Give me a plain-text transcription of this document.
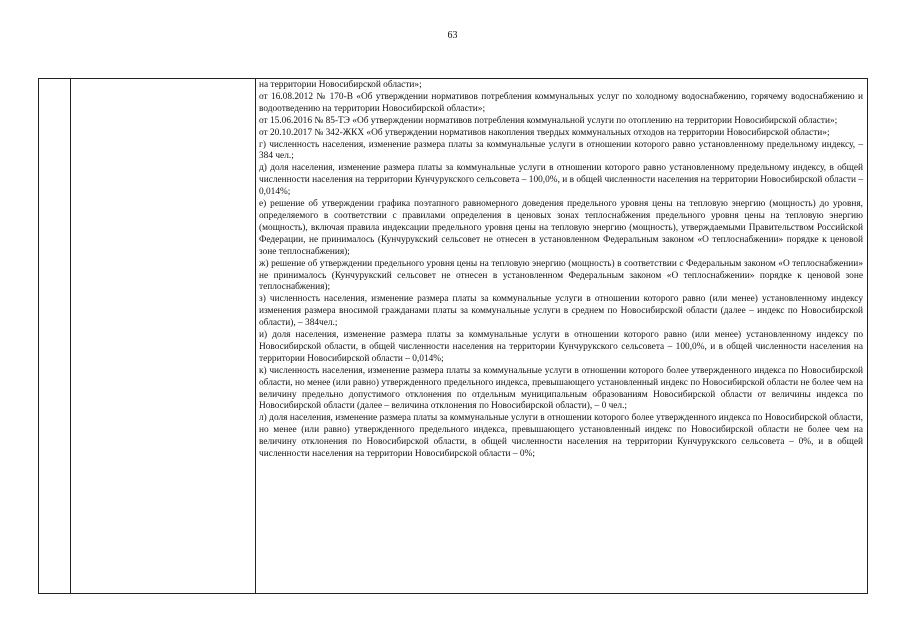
63

на территории Новосибирской области»;

от 16.08.2012 № 170-В «Об утверждении нормативов потребления коммунальных услуг по холодному водоснабжению, горячему водоснабжению и водоотведению на территории Новосибирской области»;

от 15.06.2016 № 85-ТЭ «Об утверждении нормативов потребления коммунальной услуги по отоплению на территории Новосибирской области»;

от 20.10.2017 № 342-ЖКХ «Об утверждении нормативов накопления твердых коммунальных отходов на территории Новосибирской области»;

г) численность населения, изменение размера платы за коммунальные услуги в отношении которого равно установленному предельному индексу, – 384 чел.;

д) доля населения, изменение размера платы за коммунальные услуги в отношении которого равно установленному предельному индексу, в общей численности населения на территории Кунчурукского сельсовета – 100,0%, и в общей численности населения на территории Новосибирской области – 0,014%;

е) решение об утверждении графика поэтапного равномерного доведения предельного уровня цены на тепловую энергию (мощность) до уровня, определяемого в соответствии с правилами определения в ценовых зонах теплоснабжения предельного уровня цены на тепловую энергию (мощность), включая правила индексации предельного уровня цены на тепловую энергию (мощность), утверждаемыми Правительством Российской Федерации, не принималось (Кунчурукский сельсовет не отнесен в установленном Федеральным законом «О теплоснабжении» порядке к ценовой зоне теплоснабжения);

ж) решение об утверждении предельного уровня цены на тепловую энергию (мощность) в соответствии с Федеральным законом «О теплоснабжении» не принималось (Кунчурукский сельсовет не отнесен в установленном Федеральным законом «О теплоснабжении» порядке к ценовой зоне теплоснабжения);

з) численность населения, изменение размера платы за коммунальные услуги в отношении которого равно (или менее) установленному индексу изменения размера вносимой гражданами платы за коммунальные услуги в среднем по Новосибирской области (далее – индекс по Новосибирской области), – 384чел.;

и) доля населения, изменение размера платы за коммунальные услуги в отношении которого равно (или менее) установленному индексу по Новосибирской области, в общей численности населения на территории Кунчурукского сельсовета – 100,0%, и в общей численности населения на территории Новосибирской области – 0,014%;

к) численность населения, изменение размера платы за коммунальные услуги в отношении которого более утвержденного индекса по Новосибирской области, но менее (или равно) утвержденного предельного индекса, превышающего установленный индекс по Новосибирской области не более чем на величину предельно допустимого отклонения по отдельным муниципальным образованиям Новосибирской области от величины индекса по Новосибирской области (далее – величина отклонения по Новосибирской области), – 0 чел.;

л) доля населения, изменение размера платы за коммунальные услуги в отношении которого более утвержденного индекса по Новосибирской области, но менее (или равно) утвержденного предельного индекса, превышающего установленный индекс по Новосибирской области не более чем на величину отклонения по Новосибирской области, в общей численности населения на территории Кунчурукского сельсовета – 0%, и в общей численности населения на территории Новосибирской области – 0%;
